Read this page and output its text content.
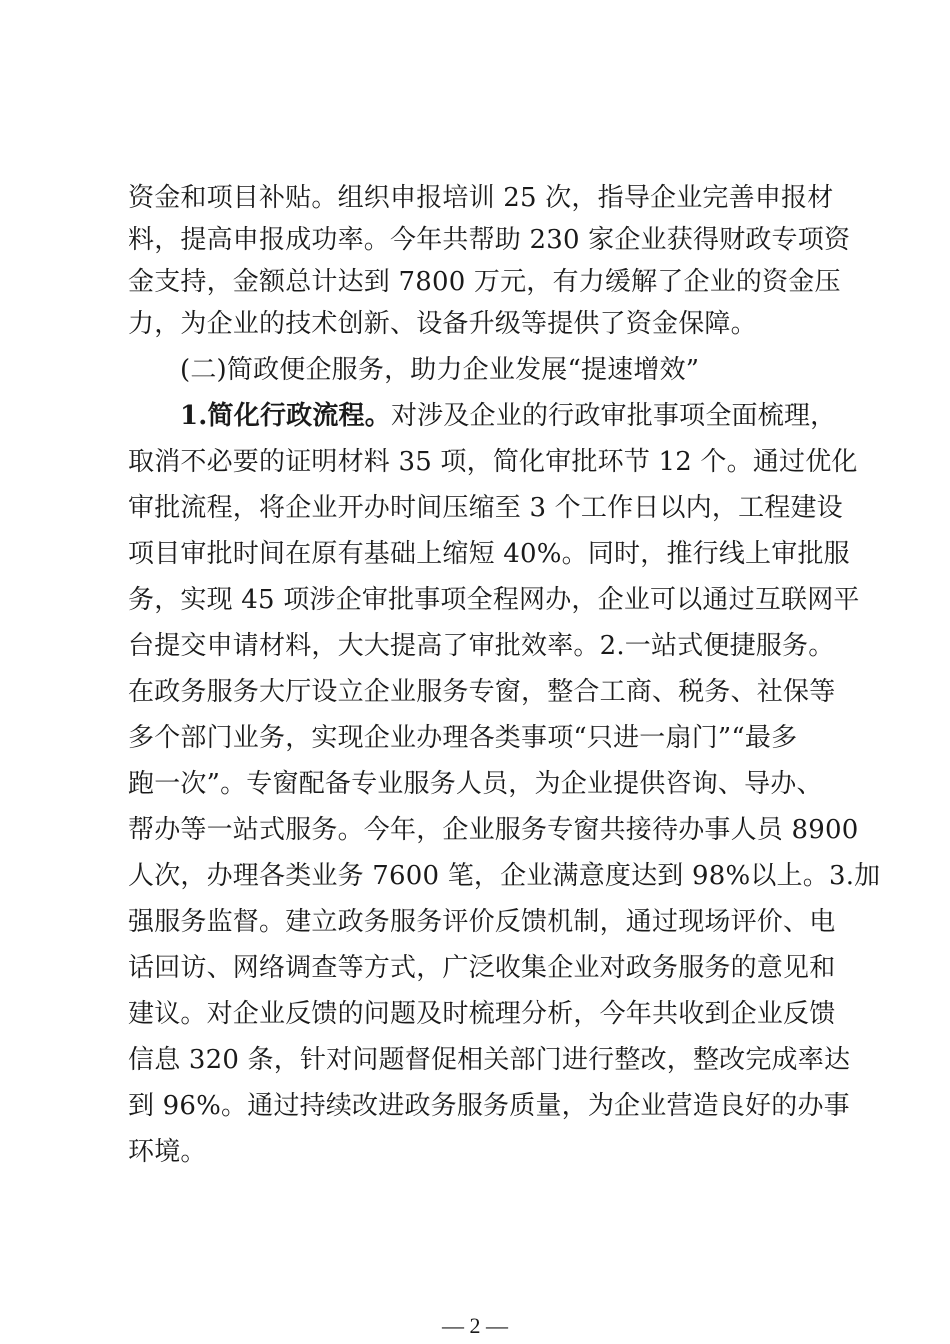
资金和项目补贴。组织申报培训 25 次，指导企业完善申报材
料，提高申报成功率。今年共帮助 230 家企业获得财政专项资
金支持，金额总计达到 7800 万元，有力缓解了企业的资金压
力，为企业的技术创新、设备升级等提供了资金保障。
(二)简政便企服务，助力企业发展“提速增效”
1.简化行政流程。对涉及企业的行政审批事项全面梳理，
取消不必要的证明材料 35 项，简化审批环节 12 个。通过优化
审批流程，将企业开办时间压缩至 3 个工作日以内，工程建设
项目审批时间在原有基础上缩短 40%。同时，推行线上审批服
务，实现 45 项涉企审批事项全程网办，企业可以通过互联网平
台提交申请材料，大大提高了审批效率。2.一站式便捷服务。
在政务服务大厅设立企业服务专窗，整合工商、税务、社保等
多个部门业务，实现企业办理各类事项“只进一扇门”“最多
跑一次”。专窗配备专业服务人员，为企业提供咨询、导办、
帮办等一站式服务。今年，企业服务专窗共接待办事人员 8900
人次，办理各类业务 7600 笔，企业满意度达到 98%以上。3.加
强服务监督。建立政务服务评价反馈机制，通过现场评价、电
话回访、网络调查等方式，广泛收集企业对政务服务的意见和
建议。对企业反馈的问题及时梳理分析，今年共收到企业反馈
信息 320 条，针对问题督促相关部门进行整改，整改完成率达
到 96%。通过持续改进政务服务质量，为企业营造良好的办事
环境。
— 2 —
